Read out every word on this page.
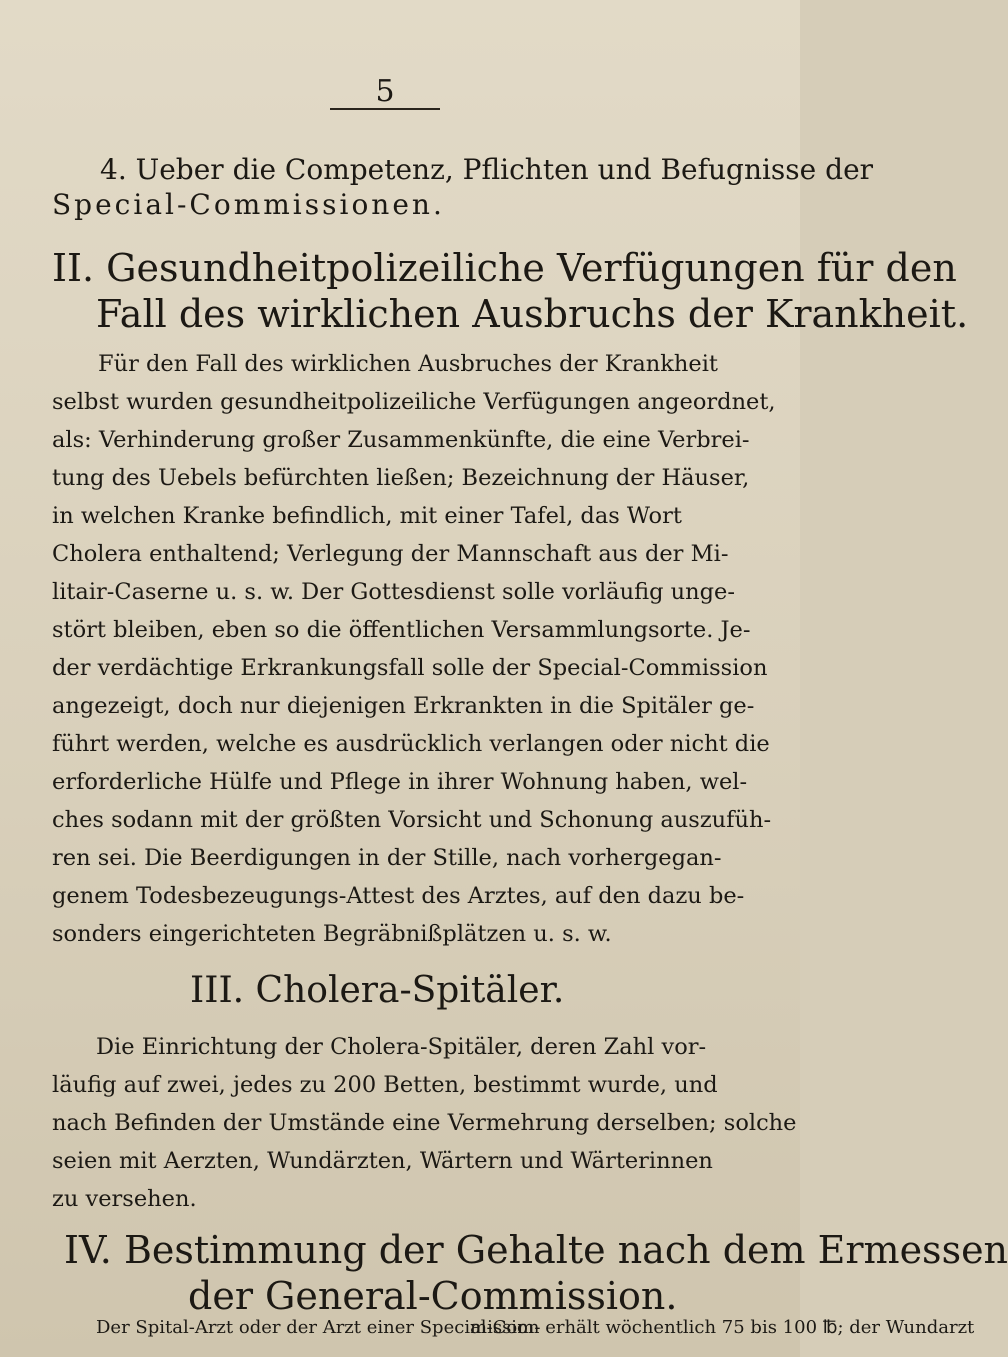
5
4. Ueber die Competenz, Pflichten und Befugnisse der
Special-Commissionen.
II. Gesundheitpolizeiliche Verfügungen für den
Fall des wirklichen Ausbruchs der Krankheit.

Für den Fall des wirklichen Ausbruches der Krankheit

selbst wurden gesundheitpolizeiliche Verfügungen angeordnet,

als: Verhinderung großer Zusammenkünfte, die eine Verbrei-

tung des Uebels befürchten ließen; Bezeichnung der Häuser,

in welchen Kranke befindlich, mit einer Tafel, das Wort

Cholera enthaltend; Verlegung der Mannschaft aus der Mi-

litair-Caserne u. s. w. Der Gottesdienst solle vorläufig unge-

stört bleiben, eben so die öffentlichen Versammlungsorte. Je-

der verdächtige Erkrankungsfall solle der Special-Commission

angezeigt, doch nur diejenigen Erkrankten in die Spitäler ge-

führt werden, welche es ausdrücklich verlangen oder nicht die

erforderliche Hülfe und Pflege in ihrer Wohnung haben, wel-

ches sodann mit der größten Vorsicht und Schonung auszufüh-

ren sei. Die Beerdigungen in der Stille, nach vorhergegan-

genem Todesbezeugungs-Attest des Arztes, auf den dazu be-

sonders eingerichteten Begräbnißplätzen u. s. w.

III. Cholera-Spitäler.

Die Einrichtung der Cholera-Spitäler, deren Zahl vor-

läufig auf zwei, jedes zu 200 Betten, bestimmt wurde, und

nach Befinden der Umstände eine Vermehrung derselben; solche

seien mit Aerzten, Wundärzten, Wärtern und Wärterinnen

zu versehen.

IV. Bestimmung der Gehalte nach dem Ermessen
der General-Commission.

Der Spital-Arzt oder der Arzt einer Special-Com-

mission erhält wöchentlich 75 bis 100 ℔; der Wundarzt
